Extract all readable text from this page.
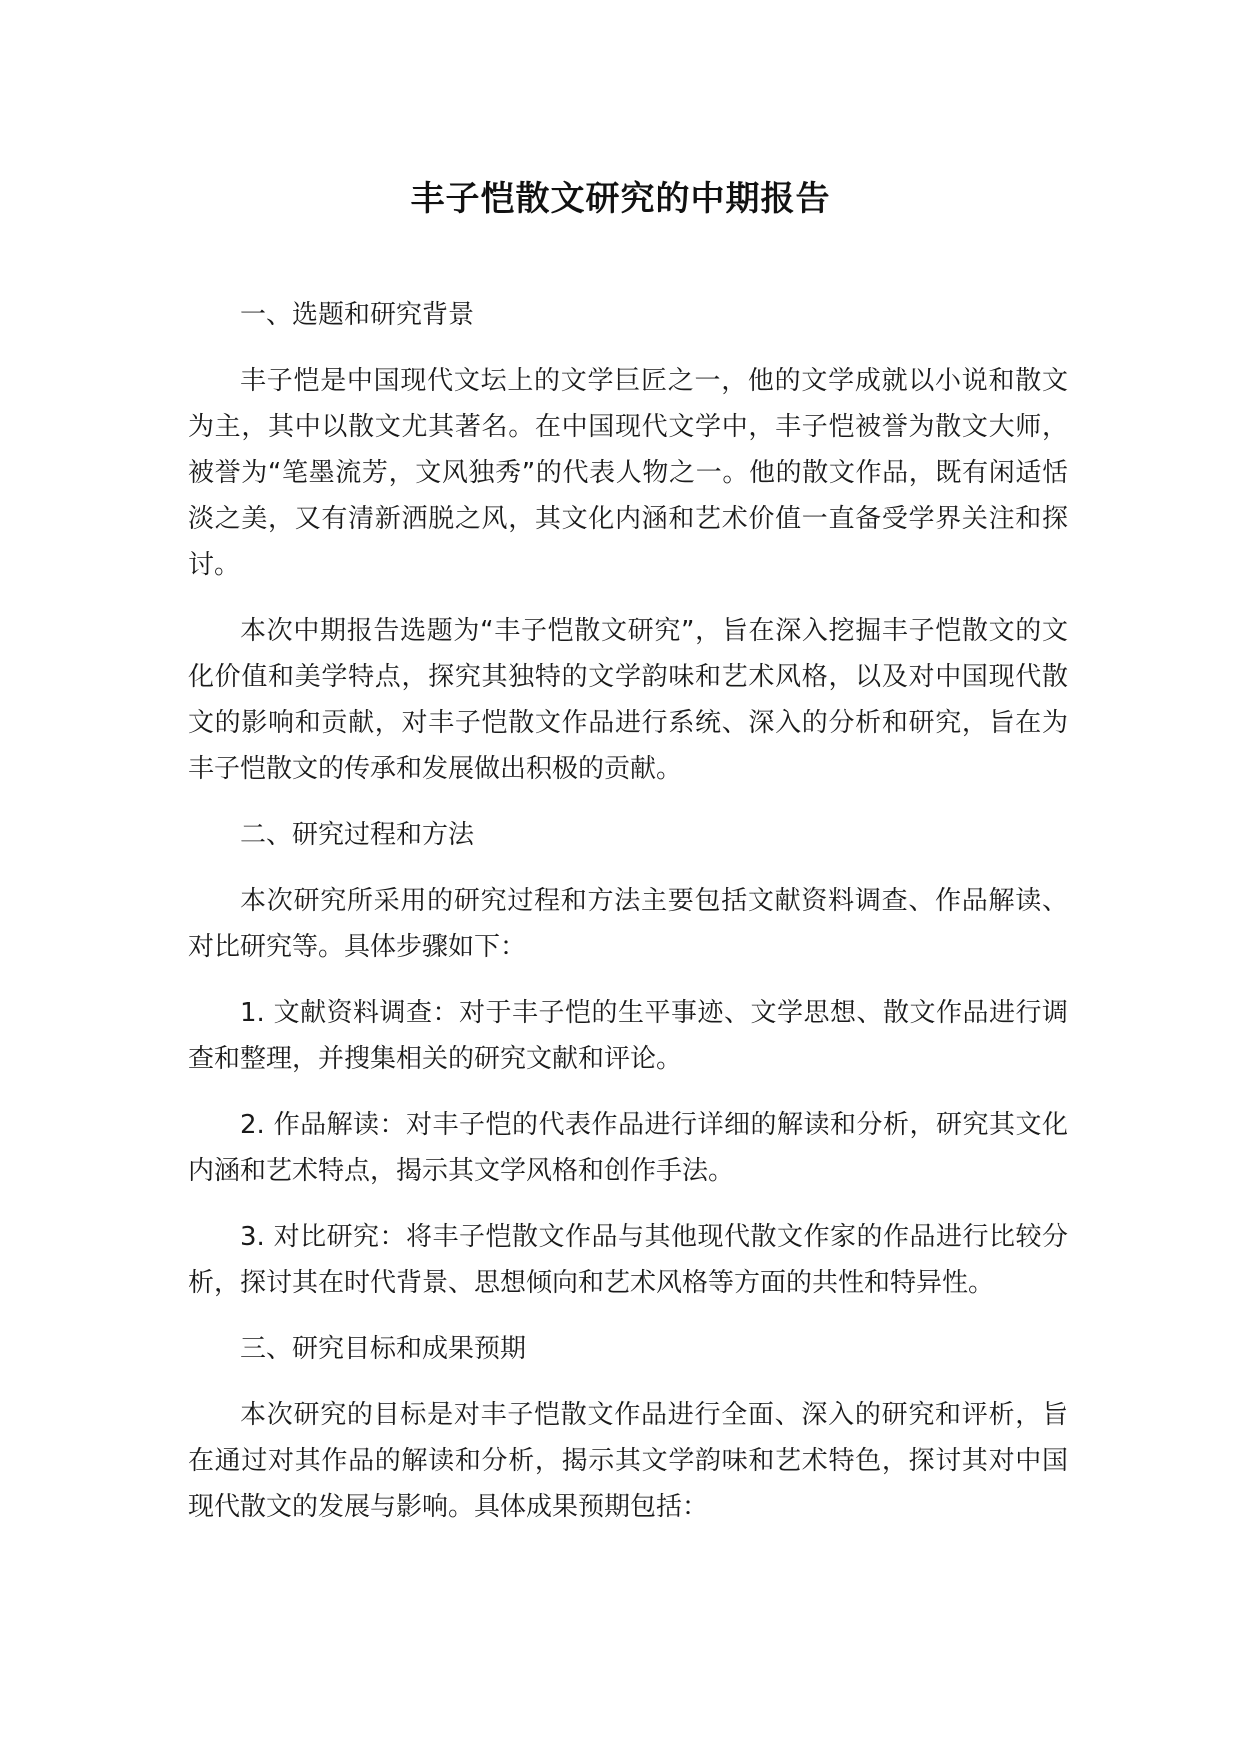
丰子恺散文研究的中期报告

一、选题和研究背景

丰子恺是中国现代文坛上的文学巨匠之一，他的文学成就以小说和散文为主，其中以散文尤其著名。在中国现代文学中，丰子恺被誉为散文大师，被誉为“笔墨流芳，文风独秀”的代表人物之一。他的散文作品，既有闲适恬淡之美，又有清新洒脱之风，其文化内涵和艺术价值一直备受学界关注和探讨。

本次中期报告选题为“丰子恺散文研究”，旨在深入挖掘丰子恺散文的文化价值和美学特点，探究其独特的文学韵味和艺术风格，以及对中国现代散文的影响和贡献，对丰子恺散文作品进行系统、深入的分析和研究，旨在为丰子恺散文的传承和发展做出积极的贡献。

二、研究过程和方法

本次研究所采用的研究过程和方法主要包括文献资料调查、作品解读、对比研究等。具体步骤如下：

1. 文献资料调查：对于丰子恺的生平事迹、文学思想、散文作品进行调查和整理，并搜集相关的研究文献和评论。

2. 作品解读：对丰子恺的代表作品进行详细的解读和分析，研究其文化内涵和艺术特点，揭示其文学风格和创作手法。

3. 对比研究：将丰子恺散文作品与其他现代散文作家的作品进行比较分析，探讨其在时代背景、思想倾向和艺术风格等方面的共性和特异性。

三、研究目标和成果预期

本次研究的目标是对丰子恺散文作品进行全面、深入的研究和评析，旨在通过对其作品的解读和分析，揭示其文学韵味和艺术特色，探讨其对中国现代散文的发展与影响。具体成果预期包括：
